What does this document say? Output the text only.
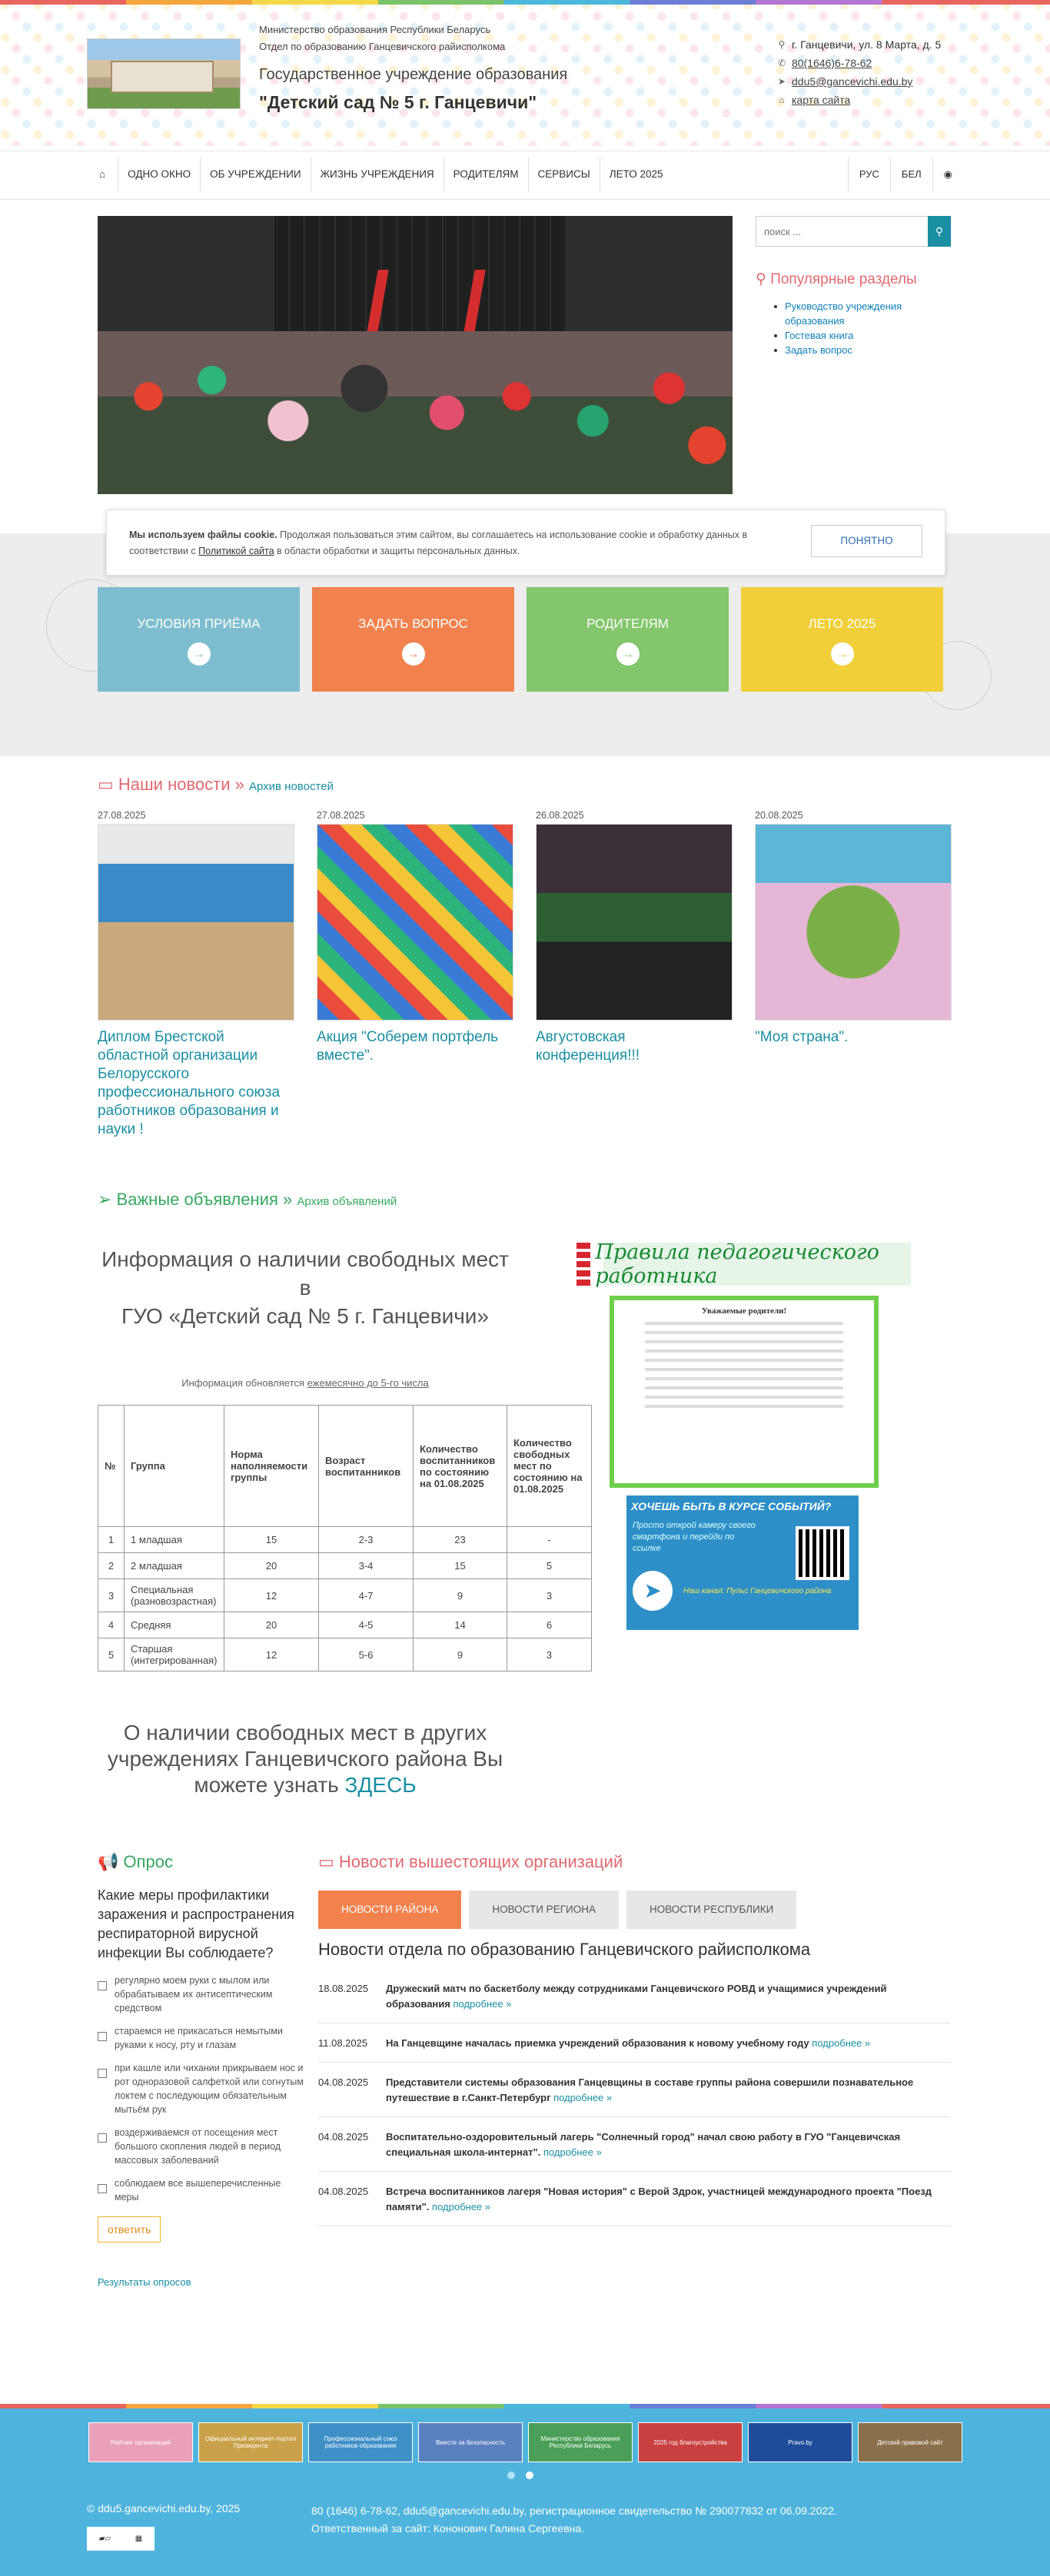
Министерство образования Республики Беларусь
Отдел по образованию Ганцевичского райисполкома
Государственное учреждение образования
"Детский сад № 5 г. Ганцевичи"
⚲ г. Ганцевичи, ул. 8 Марта, д. 5
✆ 80(1646)6-78-62
➤ ddu5@gancevichi.edu.by
⌂ карта сайта
⌂	ОДНО ОКНО	ОБ УЧРЕЖДЕНИИ	ЖИЗНЬ УЧРЕЖДЕНИЯ	РОДИТЕЛЯМ	СЕРВИСЫ	ЛЕТО 2025	РУС	БЕЛ	◉
поиск ...
⚲
⚲ Популярные разделы
Руководство учреждения образования
Гостевая книга
Задать вопрос
Мы используем файлы cookie. Продолжая пользоваться этим сайтом, вы соглашаетесь на использование cookie и обработку данных в соответствии с Политикой сайта в области обработки и защиты персональных данных.
ПОНЯТНО
УСЛОВИЯ ПРИЁМА
→
ЗАДАТЬ ВОПРОС
→
РОДИТЕЛЯМ
→
ЛЕТО 2025
→
▭ Наши новости » Архив новостей
27.08.2025
Диплом Брестской областной организации Белорусского профессионального союза работников образования и науки !
27.08.2025
Акция "Соберем портфель вместе".
26.08.2025
Августовская конференция!!!
20.08.2025
"Моя страна".
➢ Важные объявления » Архив объявлений
Информация о наличии свободных мест в
ГУО «Детский сад № 5 г. Ганцевичи»
Информация обновляется ежемесячно до 5-го числа
№	Группа	Норма наполняемости группы	Возраст воспитанников	Количество воспитанников по состоянию на 01.08.2025	Количество свободных мест по состоянию на 01.08.2025
1	1 младшая	15	2-3	23	-
2	2 младшая	20	3-4	15	5
3	Специальная (разновозрастная)	12	4-7	9	3
4	Средняя	20	4-5	14	6
5	Старшая (интегрированная)	12	5-6	9	3
О наличии свободных мест в других учреждениях Ганцевичского района Вы можете узнать ЗДЕСЬ
Правила педагогического работника
Уважаемые родители!
ХОЧЕШЬ БЫТЬ В КУРСЕ СОБЫТИЙ?
Просто открой камеру своего смартфона и перейди по ссылке
➤	Наш канал: Пульс Ганцевичского района
📢 Опрос
Какие меры профилактики заражения и распространения респираторной вирусной инфекции Вы соблюдаете?
регулярно моем руки с мылом или обрабатываем их антисептическим средством
стараемся не прикасаться немытыми руками к носу, рту и глазам
при кашле или чихании прикрываем нос и рот одноразовой салфеткой или согнутым локтем с последующим обязательным мытьём рук
воздерживаемся от посещения мест большого скопления людей в период массовых заболеваний
соблюдаем все вышеперечисленные меры
ответить
Результаты опросов
▭ Новости вышестоящих организаций
НОВОСТИ РАЙОНА	НОВОСТИ РЕГИОНА	НОВОСТИ РЕСПУБЛИКИ
Новости отдела по образованию Ганцевичского райисполкома
18.08.2025 Дружеский матч по баскетболу между сотрудниками Ганцевичского РОВД и учащимися учреждений образования подробнее »
11.08.2025 На Ганцевщине началась приемка учреждений образования к новому учебному году подробнее »
04.08.2025 Представители системы образования Ганцевщины в составе группы района совершили познавательное путешествие в г.Санкт-Петербург подробнее »
04.08.2025 Воспитательно-оздоровительный лагерь "Солнечный город" начал свою работу в ГУО "Ганцевичская специальная школа-интернат". подробнее »
04.08.2025 Встреча воспитанников лагеря "Новая история" с Верой Здрок, участницей международного проекта "Поезд памяти". подробнее »
Рейтинг организаций	Официальный интернет-портал Президента
Профессиональный союз работников образования	Вместе за безопасность	Министерство образования Республики Беларусь	2025 год благоустройства	Pravo.by	Детский правовой сайт
© ddu5.gancevichi.edu.by, 2025	80 (1646) 6-78-62, ddu5@gancevichi.edu.by, регистрационное свидетельство № 290077832 от 06.09.2022.
Ответственный за сайт: Кононович Галина Сергеевна.
▰▱	▦
